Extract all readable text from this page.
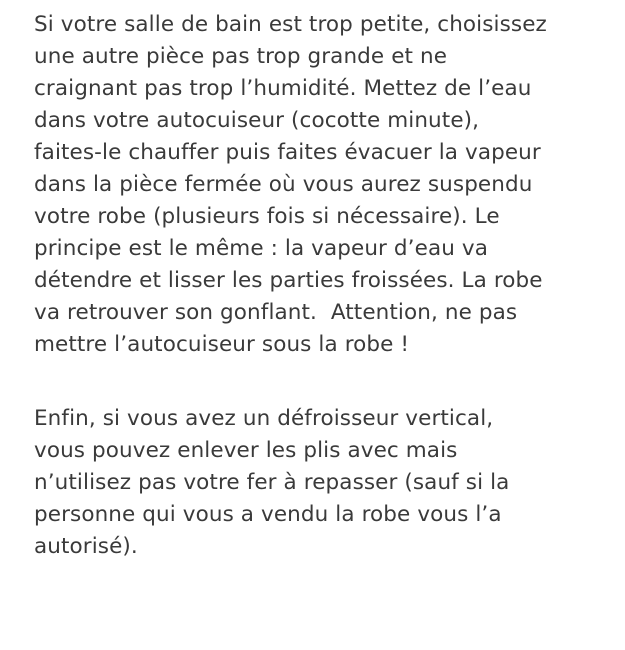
Si votre salle de bain est trop petite, choisissez
une autre pièce pas trop grande et ne
craignant pas trop l’humidité. Mettez de l’eau
dans votre autocuiseur (cocotte minute),
faites-le chauffer puis faites évacuer la vapeur
dans la pièce fermée où vous aurez suspendu
votre robe (plusieurs fois si nécessaire). Le
principe est le même : la vapeur d’eau va
détendre et lisser les parties froissées. La robe
va retrouver son gonflant.  Attention, ne pas
mettre l’autocuiseur sous la robe !
Enfin, si vous avez un défroisseur vertical,
vous pouvez enlever les plis avec mais
n’utilisez pas votre fer à repasser (sauf si la
personne qui vous a vendu la robe vous l’a
autorisé).
